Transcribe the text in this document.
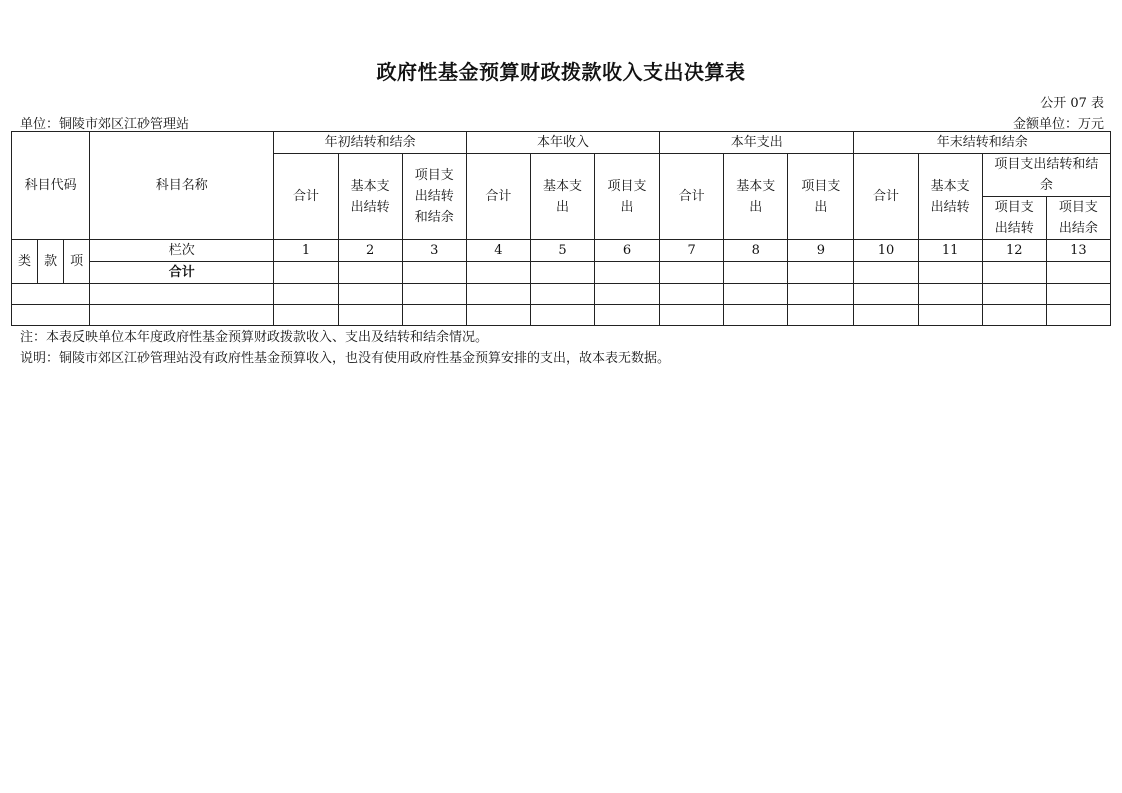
政府性基金预算财政拨款收入支出决算表
公开 07 表
单位：铜陵市郊区江砂管理站	金额单位：万元
科目代码			科目名称	年初结转和结余			本年收入			本年支出			年末结转和结余			
				合计	基本支出结转	项目支出结转和结余	合计	基本支出	项目支出	合计	基本支出	项目支出	合计	基本支出结转	项目支出结转和结余	

															项目支出结转	项目支出结余

类	款	项	栏次	1	2	3	4	5	6	7	8	9	10	11	12	13
			合计													

注：本表反映单位本年度政府性基金预算财政拨款收入、支出及结转和结余情况。
说明：铜陵市郊区江砂管理站没有政府性基金预算收入，也没有使用政府性基金预算安排的支出，故本表无数据。
